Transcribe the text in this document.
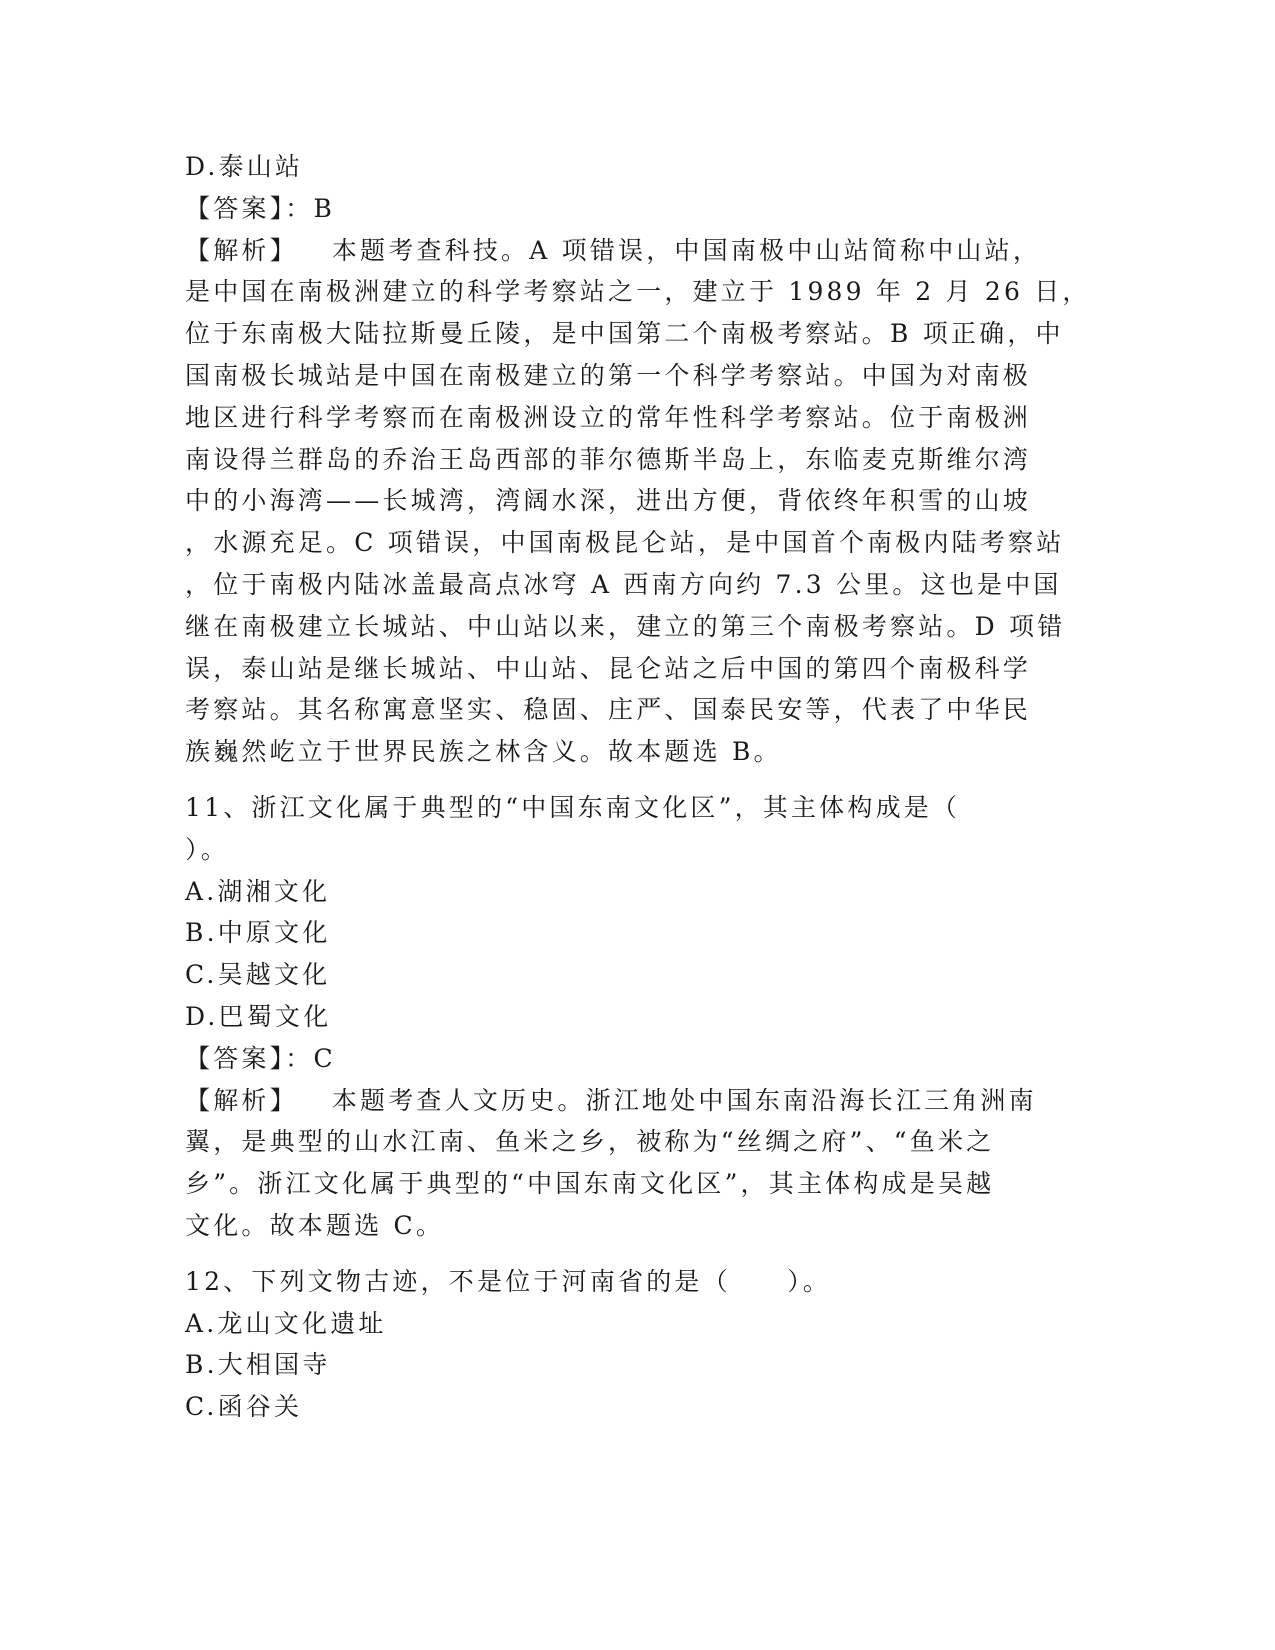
D.泰山站
【答案】：B
【解析】 本题考查科技。A 项错误，中国南极中山站简称中山站，
是中国在南极洲建立的科学考察站之一，建立于 1989 年 2 月 26 日，
位于东南极大陆拉斯曼丘陵，是中国第二个南极考察站。B 项正确，中
国南极长城站是中国在南极建立的第一个科学考察站。中国为对南极
地区进行科学考察而在南极洲设立的常年性科学考察站。位于南极洲
南设得兰群岛的乔治王岛西部的菲尔德斯半岛上，东临麦克斯维尔湾
中的小海湾——长城湾，湾阔水深，进出方便，背依终年积雪的山坡
，水源充足。C 项错误，中国南极昆仑站，是中国首个南极内陆考察站
，位于南极内陆冰盖最高点冰穹 A 西南方向约 7.3 公里。这也是中国
继在南极建立长城站、中山站以来，建立的第三个南极考察站。D 项错
误，泰山站是继长城站、中山站、昆仑站之后中国的第四个南极科学
考察站。其名称寓意坚实、稳固、庄严、国泰民安等，代表了中华民
族巍然屹立于世界民族之林含义。故本题选 B。
11、浙江文化属于典型的“中国东南文化区”，其主体构成是（
）。
A.湖湘文化
B.中原文化
C.吴越文化
D.巴蜀文化
【答案】：C
【解析】 本题考查人文历史。浙江地处中国东南沿海长江三角洲南
翼，是典型的山水江南、鱼米之乡，被称为“丝绸之府”、“鱼米之
乡”。浙江文化属于典型的“中国东南文化区”，其主体构成是吴越
文化。故本题选 C。
12、下列文物古迹，不是位于河南省的是（　　）。
A.龙山文化遗址
B.大相国寺
C.函谷关
